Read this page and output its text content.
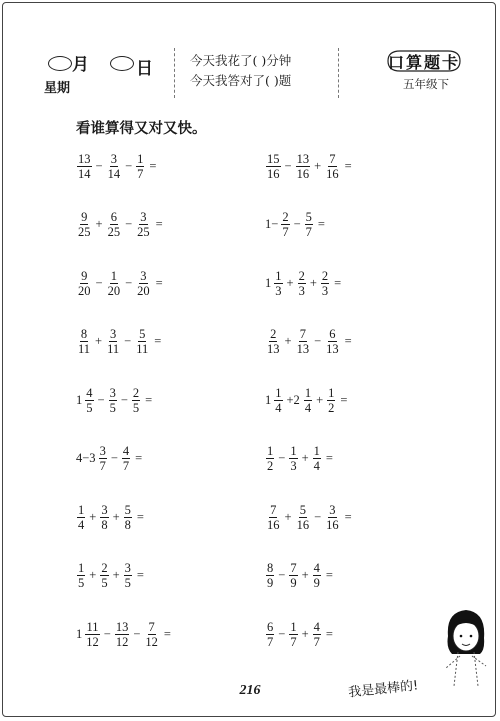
月	日
星期
今天我花了( )分钟
今天我答对了( )题
口算题卡
五年级下
看谁算得又对又快。
$\frac{13}{14} - \frac{3}{14} - \frac{1}{7}$ =
$\frac{9}{25} + \frac{6}{25} - \frac{3}{25}$ =
$\frac{9}{20} - \frac{1}{20} - \frac{3}{20}$ =
$\frac{8}{11} + \frac{3}{11} - \frac{5}{11}$ =
$1 \frac{4}{5} - \frac{3}{5} - \frac{2}{5}$ =
$4-3 \frac{3}{7} - \frac{4}{7}$ =
$\frac{1}{4} + \frac{3}{8} + \frac{5}{8}$ =
$\frac{1}{5} + \frac{2}{5} + \frac{3}{5}$ =
$1 \frac{11}{12} - \frac{13}{12} - \frac{7}{12}$ =
$\frac{15}{16} - \frac{13}{16} + \frac{7}{16}$ =
$1- \frac{2}{7} - \frac{5}{7}$ =
$1 \frac{1}{3} + \frac{2}{3} + \frac{2}{3}$ =
$\frac{2}{13} + \frac{7}{13} - \frac{6}{13}$ =
$1 \frac{1}{4} +2 \frac{1}{4} + \frac{1}{2}$ =
$\frac{1}{2} - \frac{1}{3} + \frac{1}{4}$ =
$\frac{7}{16} + \frac{5}{16} - \frac{3}{16}$ =
$\frac{8}{9} - \frac{7}{9} + \frac{4}{9}$ =
$\frac{6}{7} - \frac{1}{7} + \frac{4}{7}$ =
我是最棒的!
216
